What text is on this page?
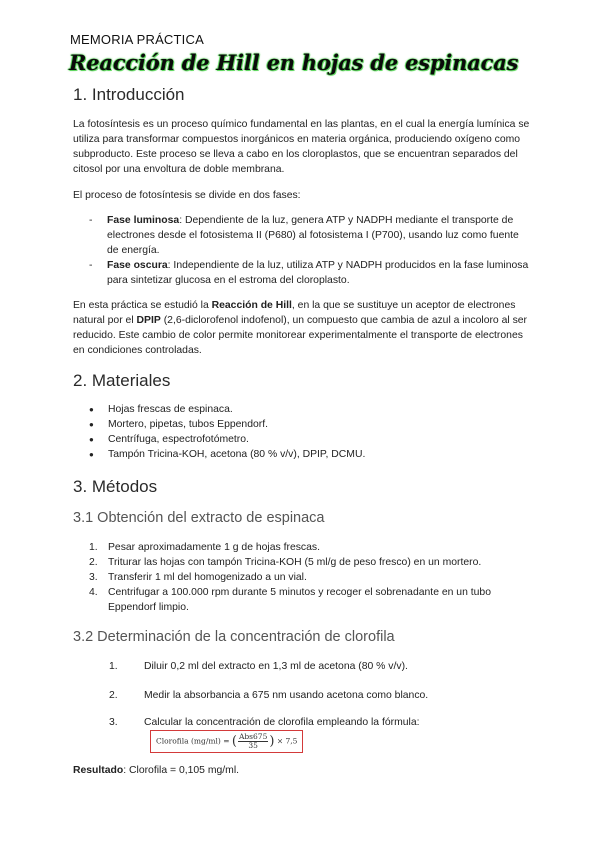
MEMORIA PRÁCTICA
Reacción de Hill en hojas de espinacas
1. Introducción

La fotosíntesis es un proceso químico fundamental en las plantas, en el cual la energía lumínica se utiliza para transformar compuestos inorgánicos en materia orgánica, produciendo oxígeno como subproducto. Este proceso se lleva a cabo en los cloroplastos, que se encuentran separados del citosol por una envoltura de doble membrana.

El proceso de fotosíntesis se divide en dos fases:

- Fase luminosa: Dependiente de la luz, genera ATP y NADPH mediante el transporte de electrones desde el fotosistema II (P680) al fotosistema I (P700), usando luz como fuente de energía.
- Fase oscura: Independiente de la luz, utiliza ATP y NADPH producidos en la fase luminosa para sintetizar glucosa en el estroma del cloroplasto.

En esta práctica se estudió la Reacción de Hill, en la que se sustituye un aceptor de electrones natural por el DPIP (2,6-diclorofenol indofenol), un compuesto que cambia de azul a incoloro al ser reducido. Este cambio de color permite monitorear experimentalmente el transporte de electrones en condiciones controladas.

2. Materiales
● Hojas frescas de espinaca.
● Mortero, pipetas, tubos Eppendorf.
● Centrífuga, espectrofotómetro.
● Tampón Tricina-KOH, acetona (80 % v/v), DPIP, DCMU.
3. Métodos
3.1 Obtención del extracto de espinaca
1. Pesar aproximadamente 1 g de hojas frescas.
2. Triturar las hojas con tampón Tricina-KOH (5 ml/g de peso fresco) en un mortero.
3. Transferir 1 ml del homogenizado a un vial.
4. Centrifugar a 100.000 rpm durante 5 minutos y recoger el sobrenadante en un tubo Eppendorf limpio.
3.2 Determinación de la concentración de clorofila
1.	Diluir 0,2 ml del extracto en 1,3 ml de acetona (80 % v/v).
2.	Medir la absorbancia a 675 nm usando acetona como blanco.
3.	Calcular la concentración de clorofila empleando la fórmula:Clorofila (mg/ml) = ( $\frac{\text{Abs675}}{35}$ ) × 7,5

Resultado: Clorofila = 0,105 mg/ml.
